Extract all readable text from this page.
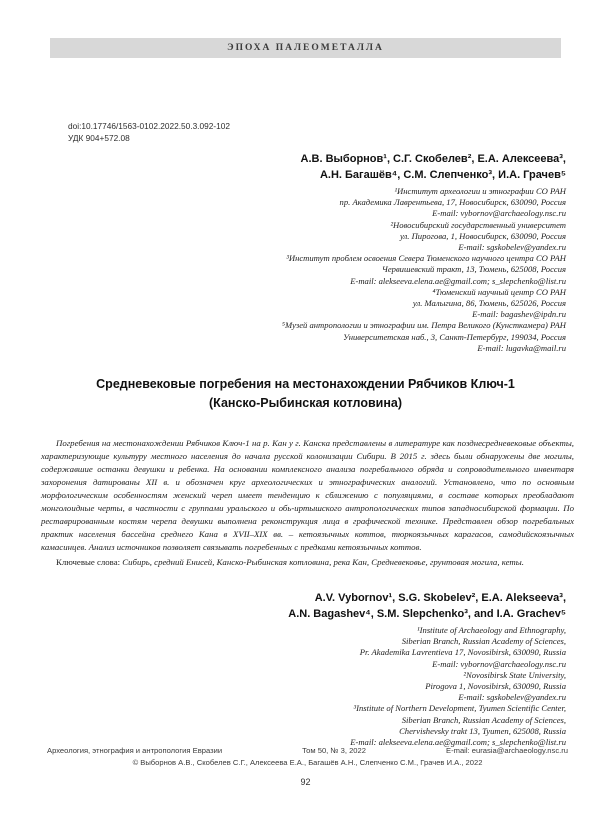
ЭПОХА ПАЛЕОМЕТАЛЛА
doi:10.17746/1563-0102.2022.50.3.092-102
УДК 904+572.08
А.В. Выборнов¹, С.Г. Скобелев², Е.А. Алексеева³,
А.Н. Багашёв⁴, С.М. Слепченко³, И.А. Грачев⁵
¹Институт археологии и этнографии СО РАН
пр. Академика Лаврентьева, 17, Новосибирск, 630090, Россия
E-mail: vybornov@archaeology.nsc.ru
²Новосибирский государственный университет
ул. Пирогова, 1, Новосибирск, 630090, Россия
E-mail: sgskobelev@yandex.ru
³Институт проблем освоения Севера Тюменского научного центра СО РАН
Червишевский тракт, 13, Тюмень, 625008, Россия
E-mail: alekseeva.elena.ae@gmail.com; s_slepchenko@list.ru
⁴Тюменский научный центр СО РАН
ул. Малыгина, 86, Тюмень, 625026, Россия
E-mail: bagashev@ipdn.ru
⁵Музей антропологии и этнографии им. Петра Великого (Кунсткамера) РАН
Университетская наб., 3, Санкт-Петербург, 199034, Россия
E-mail: lugavka@mail.ru
Средневековые погребения на местонахождении Рябчиков Ключ-1
(Канско-Рыбинская котловина)

Погребения на местонахождении Рябчиков Ключ-1 на р. Кан у г. Канска представлены в литературе как позднесредневековые объекты, характеризующие культуру местного населения до начала русской колонизации Сибири. В 2015 г. здесь были обнаружены две могилы, содержавшие останки девушки и ребенка. На основании комплексного анализа погребального обряда и сопроводительного инвентаря захоронения датированы XII в. и обозначен круг археологических и этнографических аналогий. Установлено, что по основным морфологическим особенностям женский череп имеет тенденцию к сближению с популяциями, в составе которых преобладают монголоидные черты, в частности с группами уральского и обь-иртышского антропологических типов западносибирской формации. По реставрированным костям черепа девушки выполнена реконструкция лица в графической технике. Представлен обзор погребальных практик населения бассейна среднего Кана в XVII–XIX вв. – кетоязычных коттов, тюркоязычных карагасов, самодийскоязычных камасинцев. Анализ источников позволяет связывать погребенных с предками кетоязычных коттов.

Ключевые слова: Сибирь, средний Енисей, Канско-Рыбинская котловина, река Кан, Средневековье, грунтовая могила, кеты.

A.V. Vybornov¹, S.G. Skobelev², E.A. Alekseeva³,
A.N. Bagashev⁴, S.M. Slepchenko³, and I.A. Grachev⁵
¹Institute of Archaeology and Ethnography,
Siberian Branch, Russian Academy of Sciences,
Pr. Akademika Lavrentieva 17, Novosibirsk, 630090, Russia
E-mail: vybornov@archaeology.nsc.ru
²Novosibirsk State University,
Pirogova 1, Novosibirsk, 630090, Russia
E-mail: sgskobelev@yandex.ru
³Institute of Northern Development, Tyumen Scientific Center,
Siberian Branch, Russian Academy of Sciences,
Chervishevsky trakt 13, Tyumen, 625008, Russia
E-mail: alekseeva.elena.ae@gmail.com; s_slepchenko@list.ru
Археология, этнография и антропология Евразии	Том 50, № 3, 2022	E-mail: eurasia@archaeology.nsc.ru
© Выборнов А.В., Скобелев С.Г., Алексеева Е.А., Багашёв А.Н., Слепченко С.М., Грачев И.А., 2022
92
